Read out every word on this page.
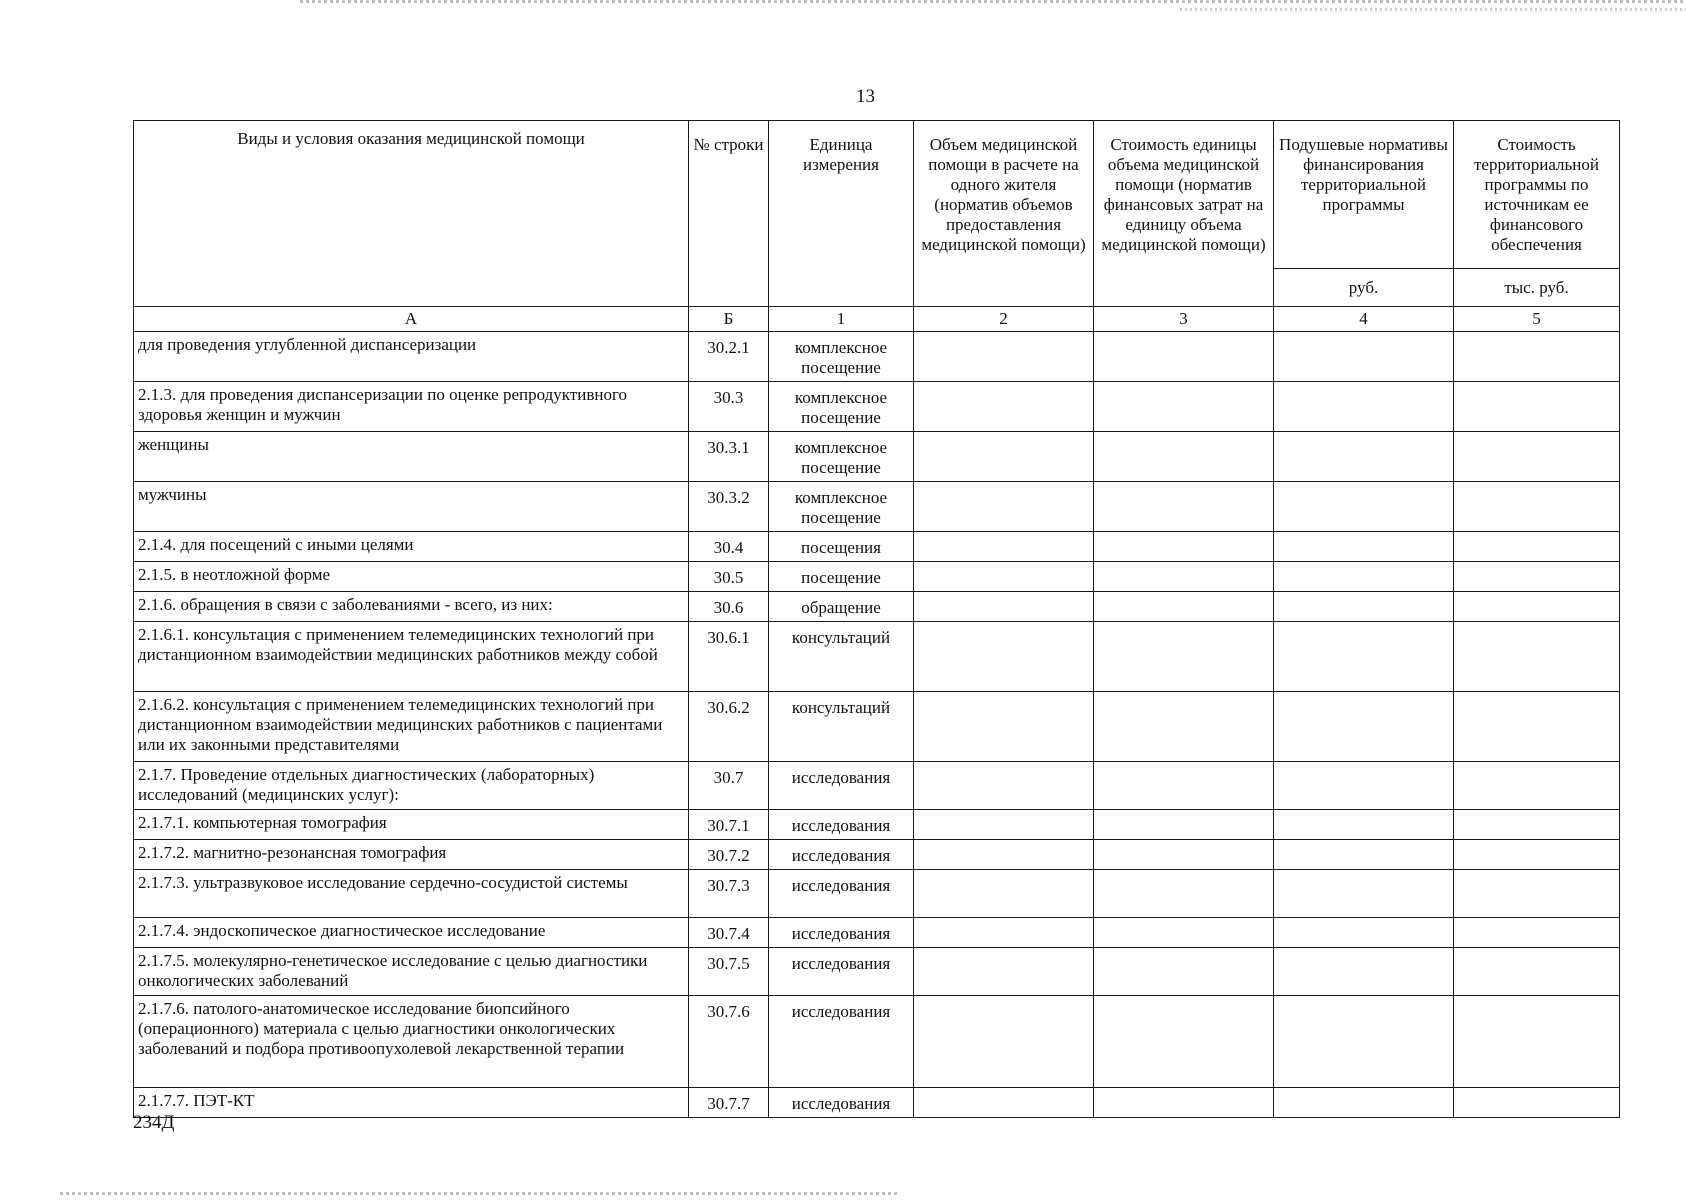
13
Виды и условия оказания медицинской помощи	№ строки	Единица измерения	Объем медицинской помощи в расчете на одного жителя (норматив объемов предоставления медицинской помощи)	Стоимость единицы объема медицинской помощи (норматив финансовых затрат на единицу объема медицинской помощи)	Подушевые нормативы финансирования территориальной программы	Стоимость территориальной программы по источникам ее финансового обеспечения
					руб.	тыс. руб.
А	Б	1	2	3	4	5
для проведения углубленной диспансеризации	30.2.1	комплексное посещение				
2.1.3. для проведения диспансеризации по оценке репродуктивного здоровья женщин и мужчин	30.3	комплексное посещение				
женщины	30.3.1	комплексное посещение				
мужчины	30.3.2	комплексное посещение				
2.1.4. для посещений с иными целями	30.4	посещения				
2.1.5. в неотложной форме	30.5	посещение				
2.1.6. обращения в связи с заболеваниями - всего, из них:	30.6	обращение				
2.1.6.1. консультация с применением телемедицинских технологий при дистанционном взаимодействии медицинских работников между собой	30.6.1	консультаций				
2.1.6.2. консультация с применением телемедицинских технологий при дистанционном взаимодействии медицинских работников с пациентами или их законными представителями	30.6.2	консультаций				
2.1.7. Проведение отдельных диагностических (лабораторных) исследований (медицинских услуг):	30.7	исследования				
2.1.7.1. компьютерная томография	30.7.1	исследования				
2.1.7.2. магнитно-резонансная томография	30.7.2	исследования				
2.1.7.3. ультразвуковое исследование сердечно-сосудистой системы	30.7.3	исследования				
2.1.7.4. эндоскопическое диагностическое исследование	30.7.4	исследования				
2.1.7.5. молекулярно-генетическое исследование с целью диагностики онкологических заболеваний	30.7.5	исследования				
2.1.7.6. патолого-анатомическое исследование биопсийного (операционного) материала с целью диагностики онкологических заболеваний и подбора противоопухолевой лекарственной терапии	30.7.6	исследования				
2.1.7.7. ПЭТ-КТ	30.7.7	исследования				
234Д
